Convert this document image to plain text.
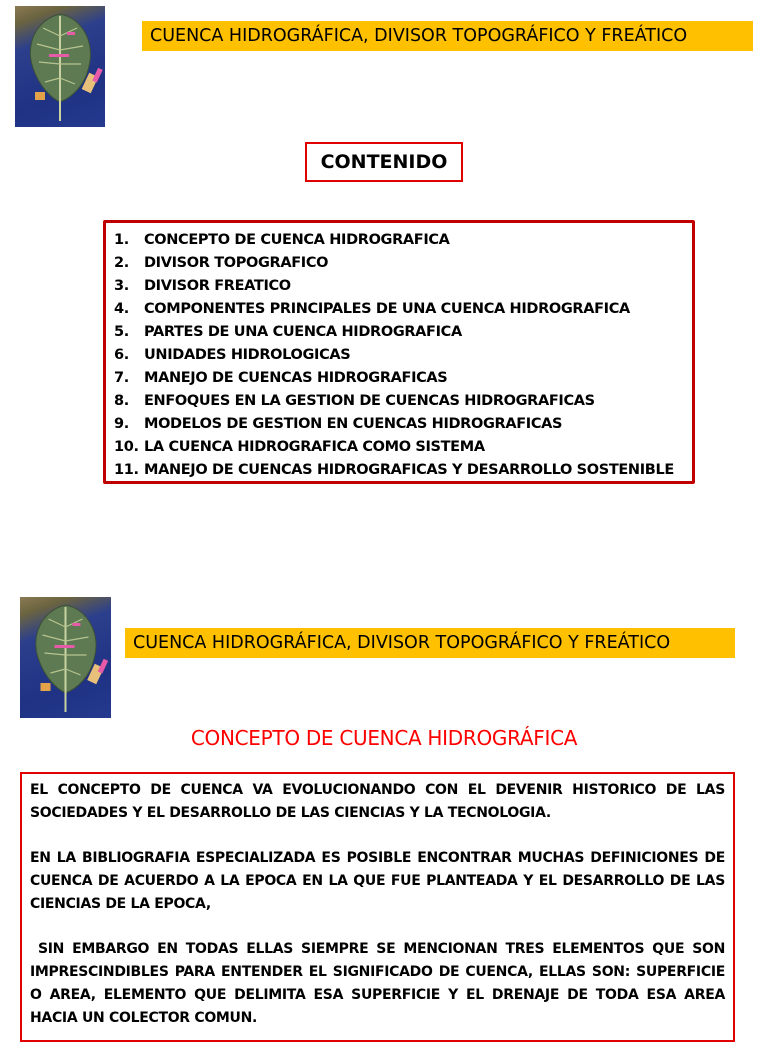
CUENCA HIDROGRÁFICA, DIVISOR TOPOGRÁFICO Y FREÁTICO
CONTENIDO
1.	CONCEPTO DE CUENCA HIDROGRAFICA
2.	DIVISOR TOPOGRAFICO
3.	DIVISOR FREATICO
4.	COMPONENTES PRINCIPALES DE UNA CUENCA HIDROGRAFICA
5.	PARTES DE UNA CUENCA HIDROGRAFICA
6.	UNIDADES HIDROLOGICAS
7.	MANEJO DE CUENCAS HIDROGRAFICAS
8.	ENFOQUES EN LA GESTION DE CUENCAS HIDROGRAFICAS
9.	MODELOS DE GESTION EN CUENCAS HIDROGRAFICAS
10. LA CUENCA HIDROGRAFICA COMO SISTEMA
11. MANEJO DE CUENCAS HIDROGRAFICAS Y DESARROLLO SOSTENIBLE
CUENCA HIDROGRÁFICA, DIVISOR TOPOGRÁFICO Y FREÁTICO
CONCEPTO DE CUENCA HIDROGRÁFICA

EL CONCEPTO DE CUENCA VA EVOLUCIONANDO CON EL DEVENIR HISTORICO DE LAS SOCIEDADES Y EL DESARROLLO DE LAS CIENCIAS Y LA TECNOLOGIA.

EN LA BIBLIOGRAFIA ESPECIALIZADA ES POSIBLE ENCONTRAR MUCHAS DEFINICIONES DE CUENCA DE ACUERDO A LA EPOCA EN LA QUE FUE PLANTEADA Y EL DESARROLLO DE LAS CIENCIAS DE LA EPOCA,

SIN EMBARGO EN TODAS ELLAS SIEMPRE SE MENCIONAN TRES ELEMENTOS QUE SON IMPRESCINDIBLES PARA ENTENDER EL SIGNIFICADO DE CUENCA, ELLAS SON: SUPERFICIE O AREA, ELEMENTO QUE DELIMITA ESA SUPERFICIE Y EL DRENAJE DE TODA ESA AREA HACIA UN COLECTOR COMUN.
